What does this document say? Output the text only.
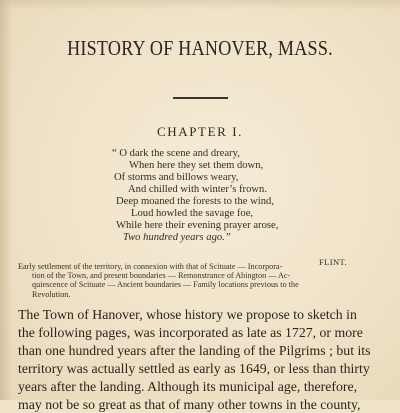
HISTORY OF HANOVER, MASS.
CHAPTER I.
“ O dark the scene and dreary,
When here they set them down,
Of storms and billows weary,
And chilled with winter’s frown.
Deep moaned the forests to the wind,
Loud howled the savage foe,
While here their evening prayer arose,
Two hundred years ago.”
FLINT.
Early settlement of the territory, in connexion with that of Scituate — Incorpora-
tion of the Town, and present boundaries — Remonstrance of Abington — Ac-
quiescence of Scituate — Ancient boundaries — Family locations previous to the
Revolution.
The Town of Hanover, whose history we propose to sketch in
the following pages, was incorporated as late as 1727, or more
than one hundred years after the landing of the Pilgrims ; but its
territory was actually settled as early as 1649, or less than thirty
years after the landing. Although its municipal age, therefore,
may not be so great as that of many other towns in the county,
